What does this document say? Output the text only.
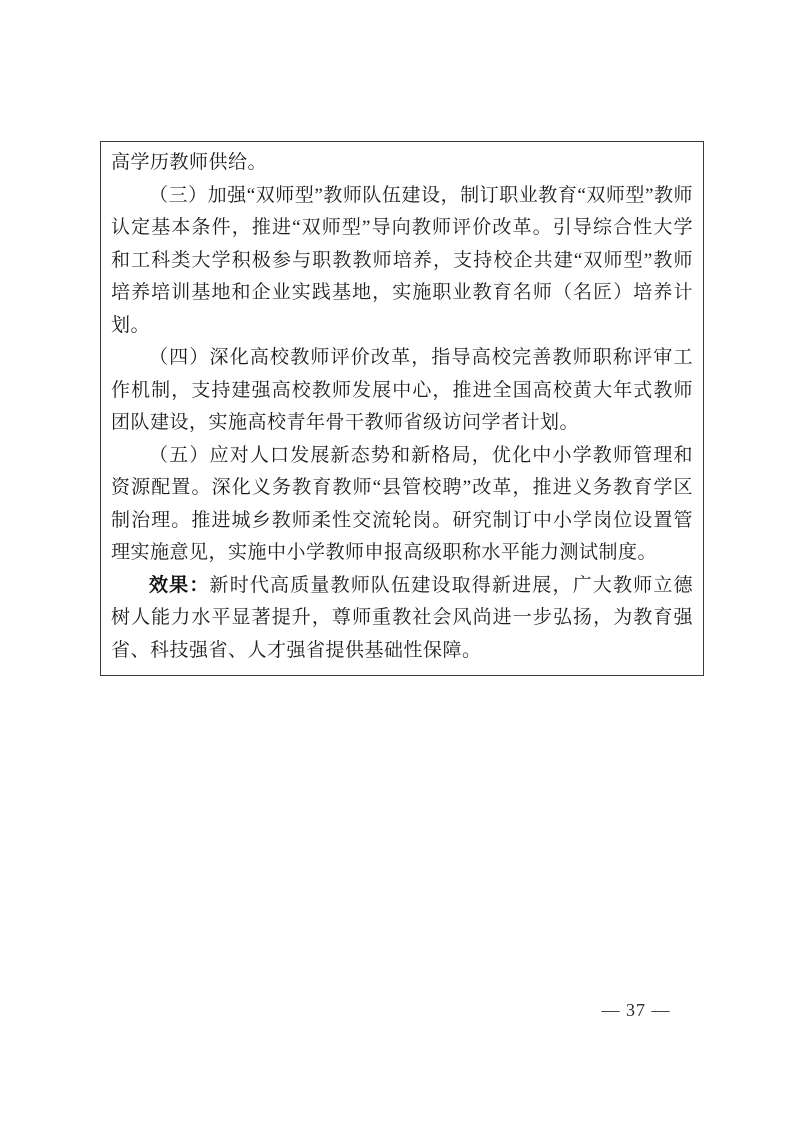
高学历教师供给。

（三）加强“双师型”教师队伍建设，制订职业教育“双师型”教师认定基本条件，推进“双师型”导向教师评价改革。引导综合性大学和工科类大学积极参与职教教师培养，支持校企共建“双师型”教师培养培训基地和企业实践基地，实施职业教育名师（名匠）培养计划。

（四）深化高校教师评价改革，指导高校完善教师职称评审工作机制，支持建强高校教师发展中心，推进全国高校黄大年式教师团队建设，实施高校青年骨干教师省级访问学者计划。

（五）应对人口发展新态势和新格局，优化中小学教师管理和资源配置。深化义务教育教师“县管校聘”改革，推进义务教育学区制治理。推进城乡教师柔性交流轮岗。研究制订中小学岗位设置管理实施意见，实施中小学教师申报高级职称水平能力测试制度。

效果：新时代高质量教师队伍建设取得新进展，广大教师立德树人能力水平显著提升，尊师重教社会风尚进一步弘扬，为教育强省、科技强省、人才强省提供基础性保障。

— 37 —
